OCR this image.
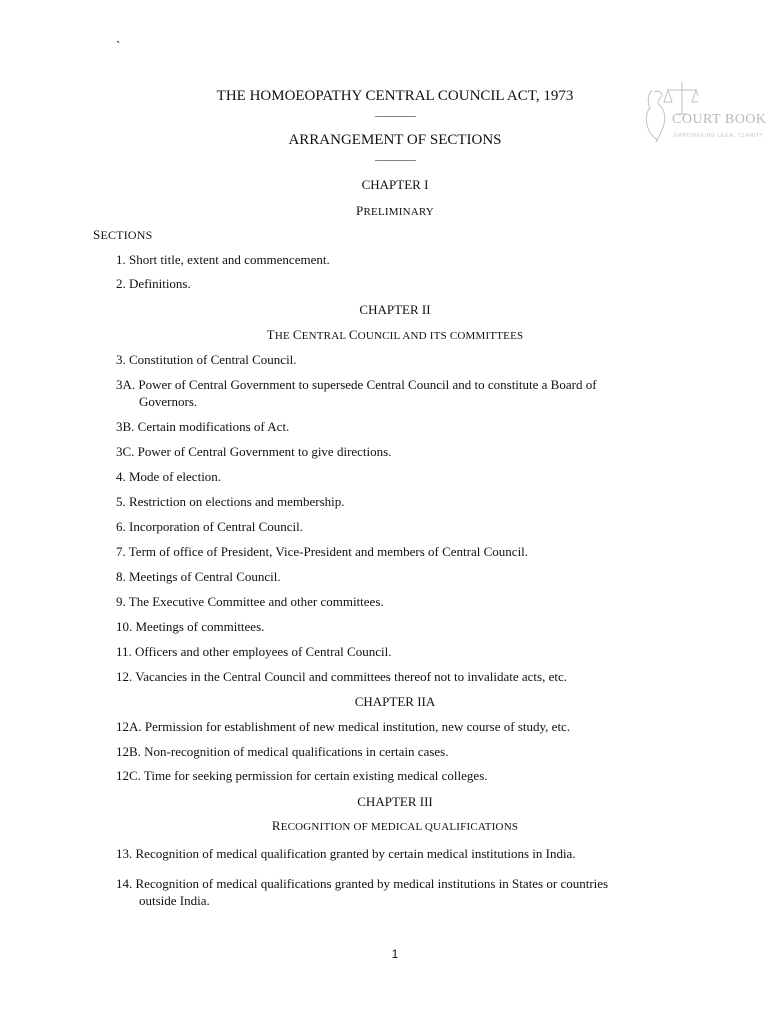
`
COURT BOOK
EMPOWERING LEGAL CLARITY
THE HOMOEOPATHY CENTRAL COUNCIL ACT, 1973
————
ARRANGEMENT OF SECTIONS
————
CHAPTER I
PRELIMINARY
SECTIONS
1. Short title, extent and commencement.
2. Definitions.
CHAPTER II
THE CENTRAL COUNCIL AND ITS COMMITTEES
3. Constitution of Central Council.
3A. Power of Central Government to supersede Central Council and to constitute a Board of
Governors.
3B. Certain modifications of Act.
3C. Power of Central Government to give directions.
4. Mode of election.
5. Restriction on elections and membership.
6. Incorporation of Central Council.
7. Term of office of President, Vice-President and members of Central Council.
8. Meetings of Central Council.
9. The Executive Committee and other committees.
10. Meetings of committees.
11. Officers and other employees of Central Council.
12. Vacancies in the Central Council and committees thereof not to invalidate acts, etc.
CHAPTER IIA
12A. Permission for establishment of new medical institution, new course of study, etc.
12B. Non-recognition of medical qualifications in certain cases.
12C. Time for seeking permission for certain existing medical colleges.
CHAPTER III
RECOGNITION OF MEDICAL QUALIFICATIONS
13. Recognition of medical qualification granted by certain medical institutions in India.
14. Recognition of medical qualifications granted by medical institutions in States or countries
outside India.
1
